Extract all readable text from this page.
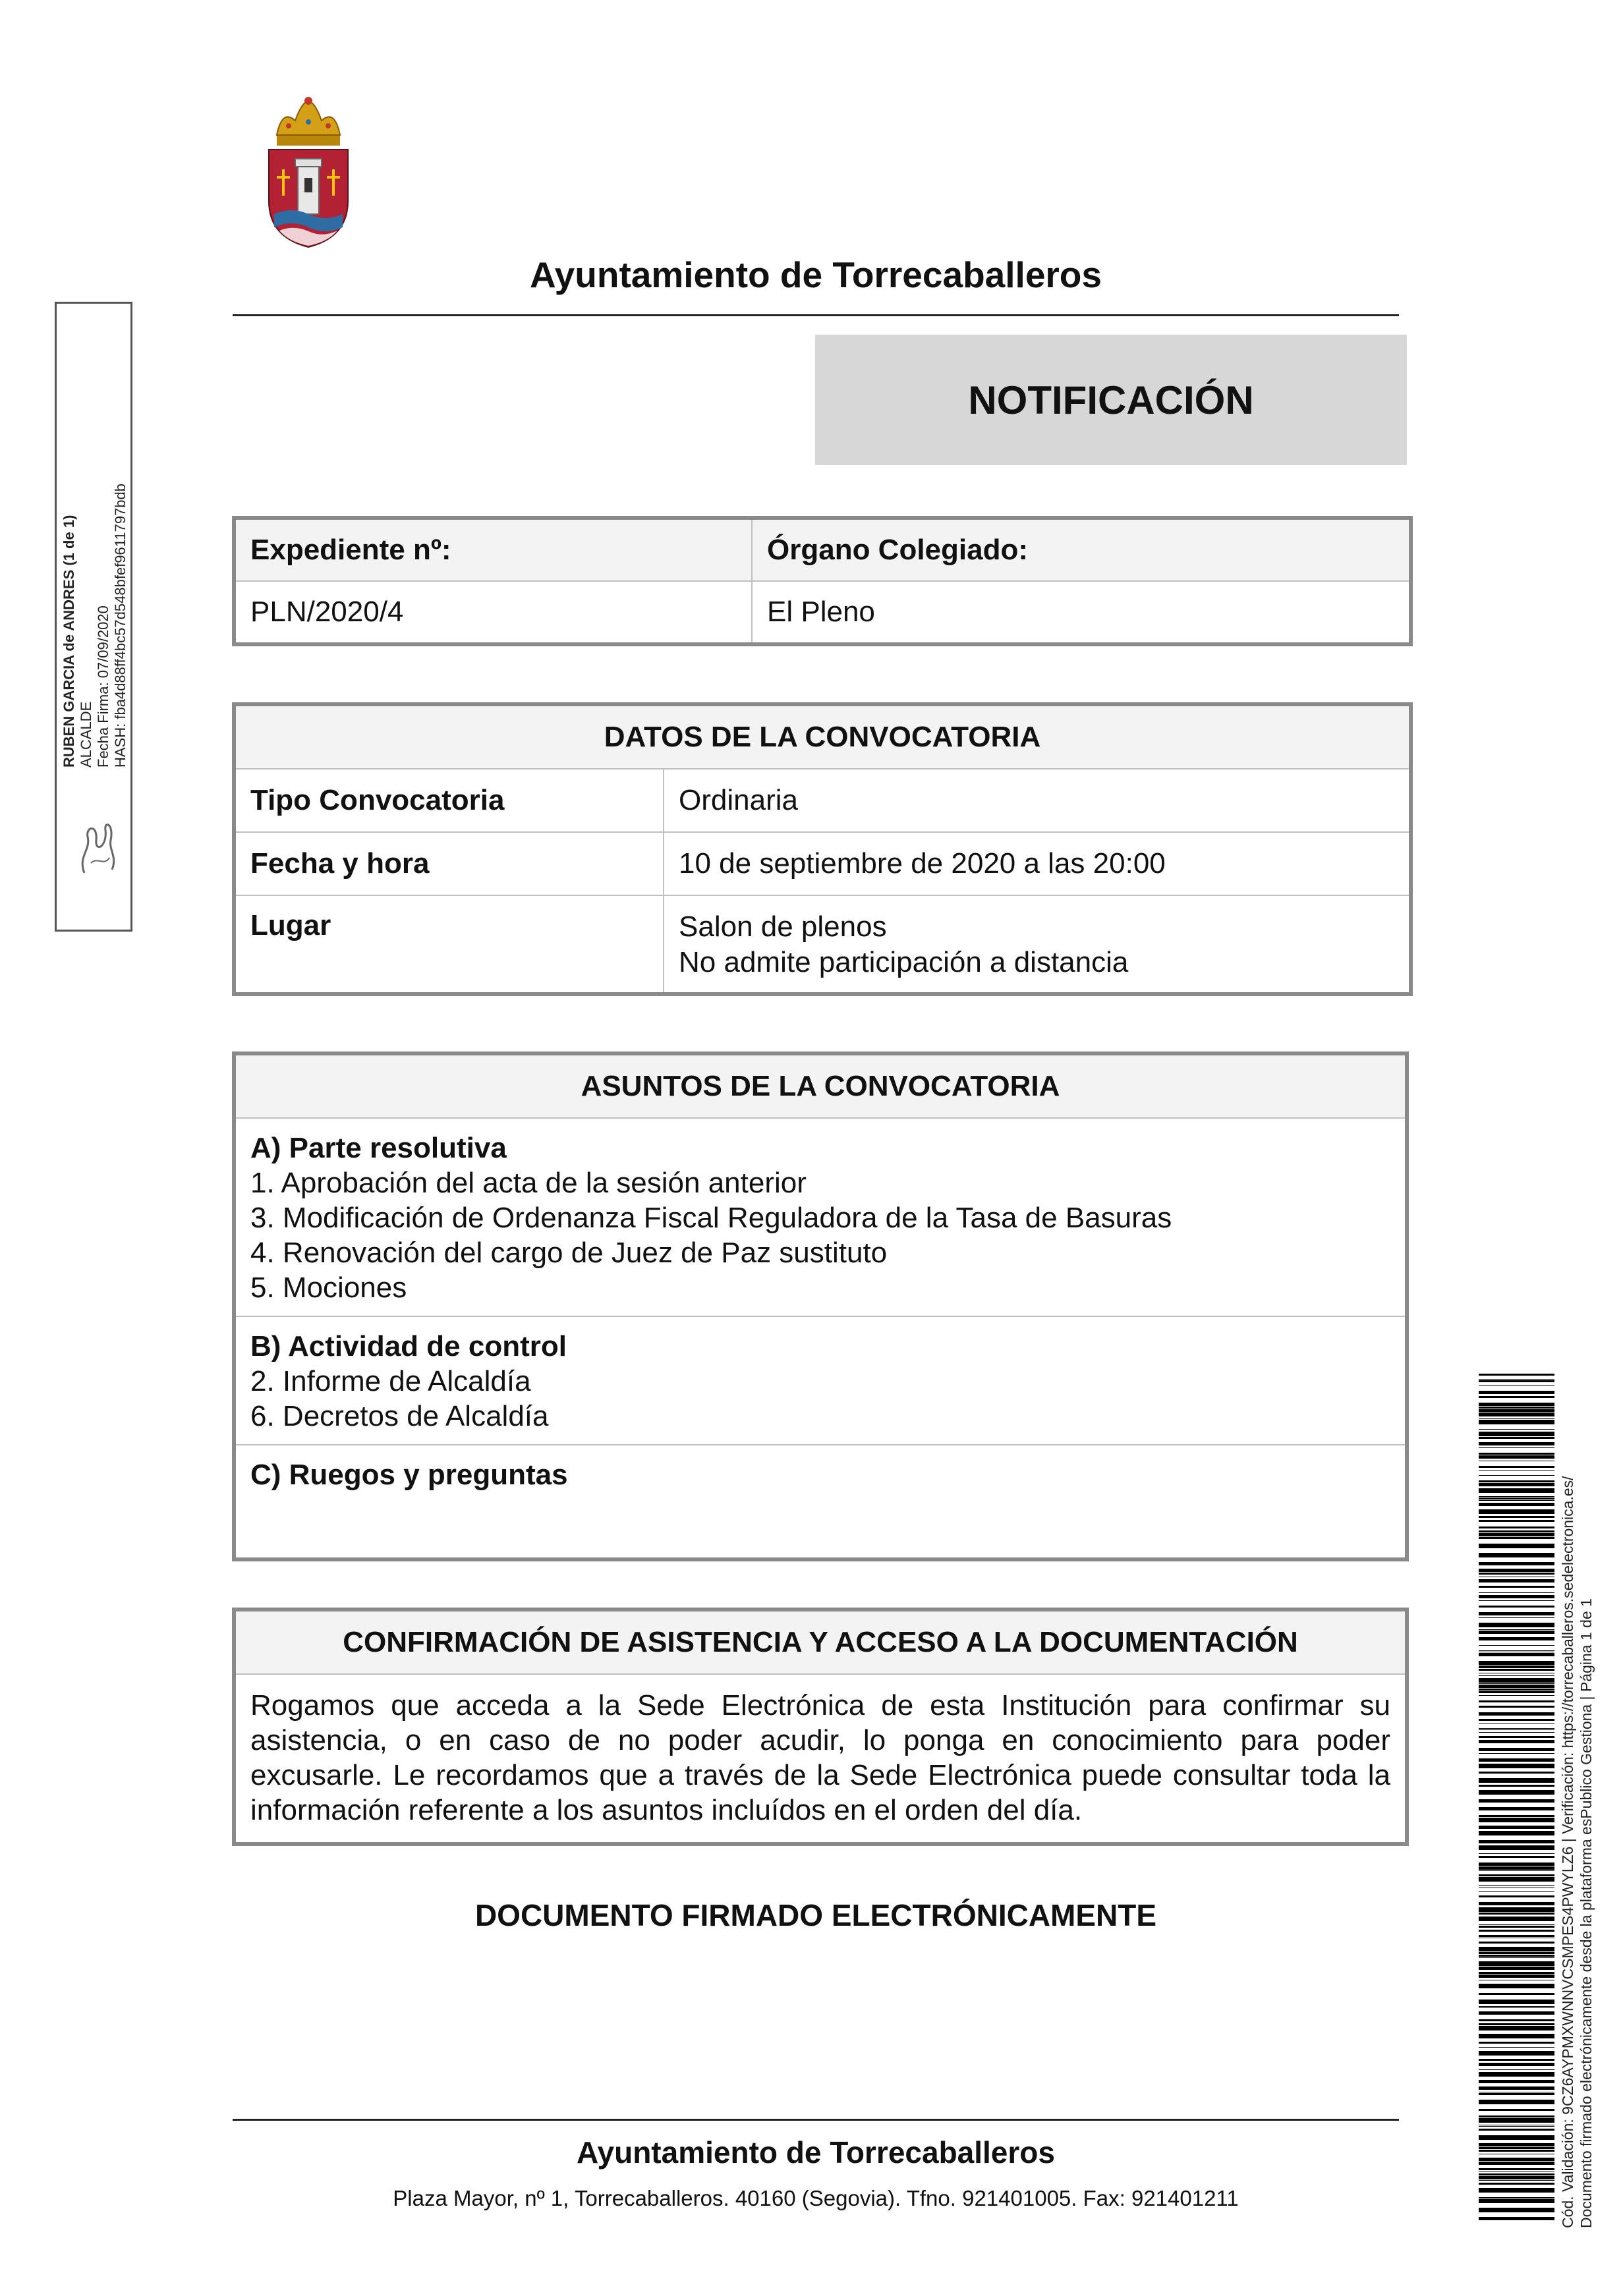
Ayuntamiento de Torrecaballeros
NOTIFICACIÓN
Expediente nº:	Órgano Colegiado:
PLN/2020/4	El Pleno
DATOS DE LA CONVOCATORIA	
Tipo Convocatoria	Ordinaria
Fecha y hora	10 de septiembre de 2020 a las 20:00
Lugar	Salon de plenos
No admite participación a distancia
ASUNTOS DE LA CONVOCATORIA

A) Parte resolutiva
1. Aprobación del acta de la sesión anterior
3. Modificación de Ordenanza Fiscal Reguladora de la Tasa de Basuras
4. Renovación del cargo de Juez de Paz sustituto
5. Mociones

B) Actividad de control
2. Informe de Alcaldía
6. Decretos de Alcaldía

C) Ruegos y preguntas
CONFIRMACIÓN DE ASISTENCIA Y ACCESO A LA DOCUMENTACIÓN
Rogamos que acceda a la Sede Electrónica de esta Institución para confirmar su asistencia, o en caso de no poder acudir, lo ponga en conocimiento para poder excusarle. Le recordamos que a través de la Sede Electrónica puede consultar toda la información referente a los asuntos incluídos en el orden del día.
DOCUMENTO FIRMADO ELECTRÓNICAMENTE
Ayuntamiento de Torrecaballeros
Plaza Mayor, nº 1, Torrecaballeros. 40160 (Segovia). Tfno. 921401005. Fax: 921401211
RUBEN GARCIA de ANDRES (1 de 1) ALCALDE Fecha Firma: 07/09/2020 HASH: fba4d88ff4bc57d548bfef9611797bdb
Cód. Validación: 9CZ6AYPMXWNNVCSMPES4PWYLZ6 | Verificación: https://torrecaballeros.sedelectronica.es/ Documento firmado electrónicamente desde la plataforma esPublico Gestiona | Página 1 de 1
